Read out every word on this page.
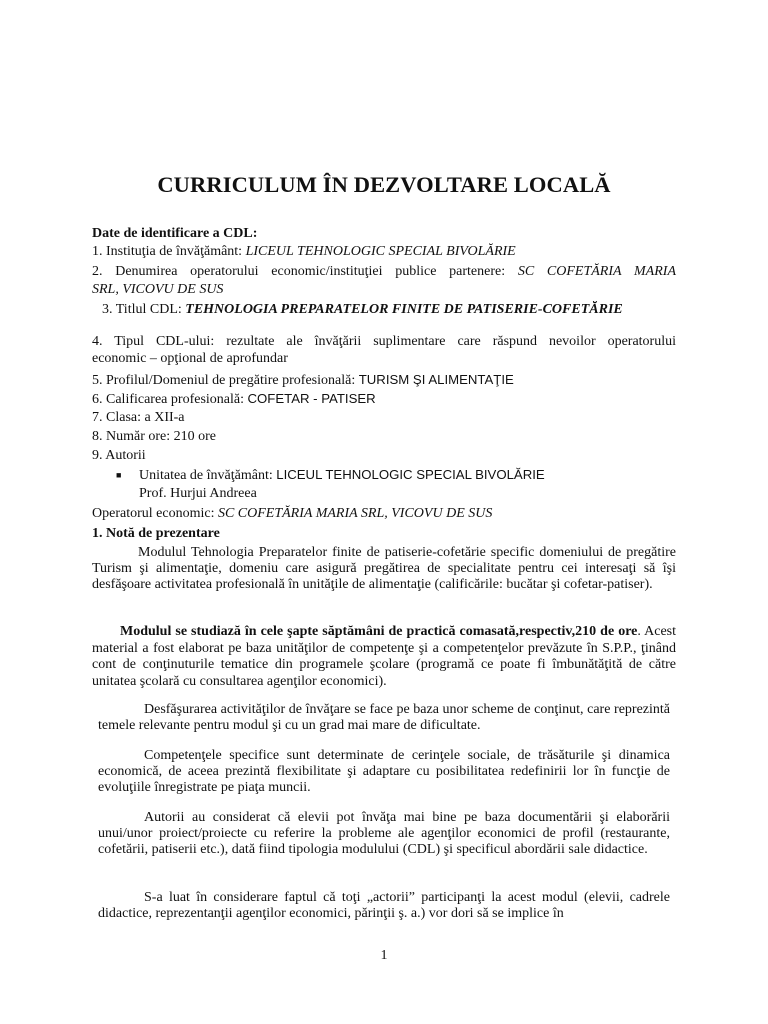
CURRICULUM ÎN DEZVOLTARE LOCALĂ
Date de identificare a CDL:
1. Instituţia de învăţământ: LICEUL TEHNOLOGIC SPECIAL BIVOLĂRIE
2. Denumirea operatorului economic/instituţiei publice partenere: SC COFETĂRIA MARIA
SRL, VICOVU DE SUS
3. Titlul CDL: TEHNOLOGIA PREPARATELOR FINITE DE PATISERIE-COFETĂRIE
4. Tipul CDL-ului: rezultate ale învăţării suplimentare care răspund nevoilor operatorului
economic – opţional de aprofundar
5. Profilul/Domeniul de pregătire profesională: TURISM ŞI ALIMENTAŢIE
6. Calificarea profesională: COFETAR - PATISER
7. Clasa: a XII-a
8. Număr ore: 210 ore
9. Autorii
■ Unitatea de învăţământ: LICEUL TEHNOLOGIC SPECIAL BIVOLĂRIE
Prof. Hurjui Andreea
Operatorul economic: SC COFETĂRIA MARIA SRL, VICOVU DE SUS
1. Notă de prezentare
Modulul Tehnologia Preparatelor finite de patiserie-cofetărie specific domeniului de pregătire Turism şi alimentaţie, domeniu care asigură pregătirea de specialitate pentru cei interesaţi să îşi desfăşoare activitatea profesională în unităţile de alimentaţie (calificările: bucătar şi cofetar-patiser).
Modulul se studiază în cele şapte săptămâni de practică comasată,respectiv,210 de ore. Acest material a fost elaborat pe baza unităţilor de competenţe şi a competenţelor prevăzute în S.P.P., ţinând cont de conţinuturile tematice din programele şcolare (programă ce poate fi îmbunătăţită de către unitatea şcolară cu consultarea agenţilor economici).
Desfăşurarea activităţilor de învăţare se face pe baza unor scheme de conţinut, care reprezintă temele relevante pentru modul şi cu un grad mai mare de dificultate.
Competenţele specifice sunt determinate de cerinţele sociale, de trăsăturile şi dinamica economică, de aceea prezintă flexibilitate şi adaptare cu posibilitatea redefinirii lor în funcţie de evoluţiile înregistrate pe piaţa muncii.
Autorii au considerat că elevii pot învăţa mai bine pe baza documentării şi elaborării unui/unor proiect/proiecte cu referire la probleme ale agenţilor economici de profil (restaurante, cofetării, patiserii etc.), dată fiind tipologia modulului (CDL) şi specificul abordării sale didactice.
S-a luat în considerare faptul că toţi „actorii” participanţi la acest modul (elevii, cadrele didactice, reprezentanţii agenţilor economici, părinţii ş. a.) vor dori să se implice în
1
